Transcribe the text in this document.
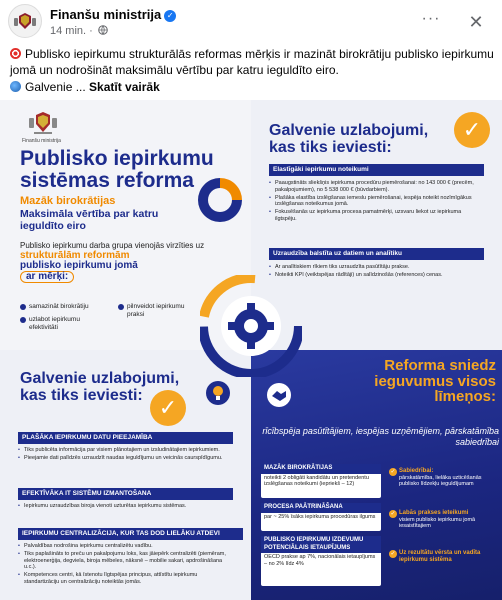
Finanšu ministrija ✓
14 min. ·
···	✕

Publisko iepirkumu strukturālās reformas mērķis ir mazināt birokrātiju publisko iepirkumu jomā un nodrošināt maksimālu vērtību par katru ieguldīto eiro.

Galvenie ... Skatīt vairāk

Finanšu ministrija
Publisko iepirkumu sistēmas reforma
Mazāk birokrātijas
Maksimāla vērtība par katru ieguldīto eiro
Publisko iepirkumu darba grupa vienojās virzīties uz
strukturālām reformām
publisko iepirkumu jomā
ar mērķi:
samazināt birokrātiju	pilnveidot iepirkumu praksi
uzlabot iepirkumu efektivitāti
Galvenie uzlabojumi, kas tiks ieviesti:
✓
Elastīgāki iepirkumu noteikumi
• Paaugstināts sliekšņis iepirkuma procedūru piemērošanai: no 143 000 € (precēm, pakalpojumiem), no 5 538 000 € (būvdarbiem).
• Plašāka elastība izslēgšanas iemeslu piemērošanai, iespēja noteikt nozīmīgākus izslēgšanas noteikumus jomā.
• Fokusēšanās uz iepirkuma procesa pamatmērķi, uzsvaru liekot uz iepirkuma ilgtspēju.
Uzraudzība balstīta uz datiem un analītiku
• Ar analītiskiem rīkiem tiks uzraudzīta pasūtītāju prakse.
• Noteikti KPI (veiktspējas rādītāji) un salīdzinošās (references) cenas.
Galvenie uzlabojumi, kas tiks ieviesti: ✓
PLAŠĀKA IEPIRKUMU DATU PIEEJAMĪBA
• Tiks publicēta informācija par visiem plānotajiem un izsludinātajiem iepirkumiem.
• Pieejamie dati palīdzēs uzraudzīt naudas ieguldījumu un veicinās caurspīdīgumu.
EFEKTĪVĀKA IT SISTĒMU IZMANTOŠANA
• Iepirkumu uzraudzības biroja vienoti uzturētas iepirkumu sistēmas.
IEPIRKUMU CENTRALIZĀCIJA, KUR TAS DOD LIELĀKU ATDEVI
• Palvaldības nodrošina iepirkumu centralizētu vadību.
• Tiks paplašināts to preču un pakalpojumu loks, kas jāiepērk centralizēti (piemēram, elektroenerģija, degviela, biroja mēbeles, nāksnē – mobilie sakari, apdrošināšana u.c.).
• Kompetences centri, kā īstenotu līgtspējas principus, attīstītu iepirkumu standartizāciju un centralizāciju noteiktās jomās.
Reforma sniedz ieguvumus visos līmeņos:
rīcībspēja pasūtītājiem, iespējas uzņēmējiem, pārskatāmība sabiedrībai
MAZĀK BIROKRĀTIJAS
noteikti 2 obligāti kandidātu un pretendentu izslēgšanas noteikumi (iepriekš – 12)
PROCESA PAĀTRINĀŠANA
par ~ 25% īsāks iepirkuma procedūras ilgums
PUBLISKO IEPIRKUMU IZDEVUMU POTENCIĀLAIS IETAUPĪJUMS
OECD prakse ap 7%, nacionālais ietaupījums – no 2% līdz 4%
✓ Sabiedrībai:
pārskatāmība, lielāka uzticēšanās publisko līdzekļu ieguldījumam
✓ Labās prakses ieteikumi
visiem publisko iepirkumu jomā iesaistītajiem
✓ Uz rezultātu vērsta un vadīta iepirkumu sistēma
